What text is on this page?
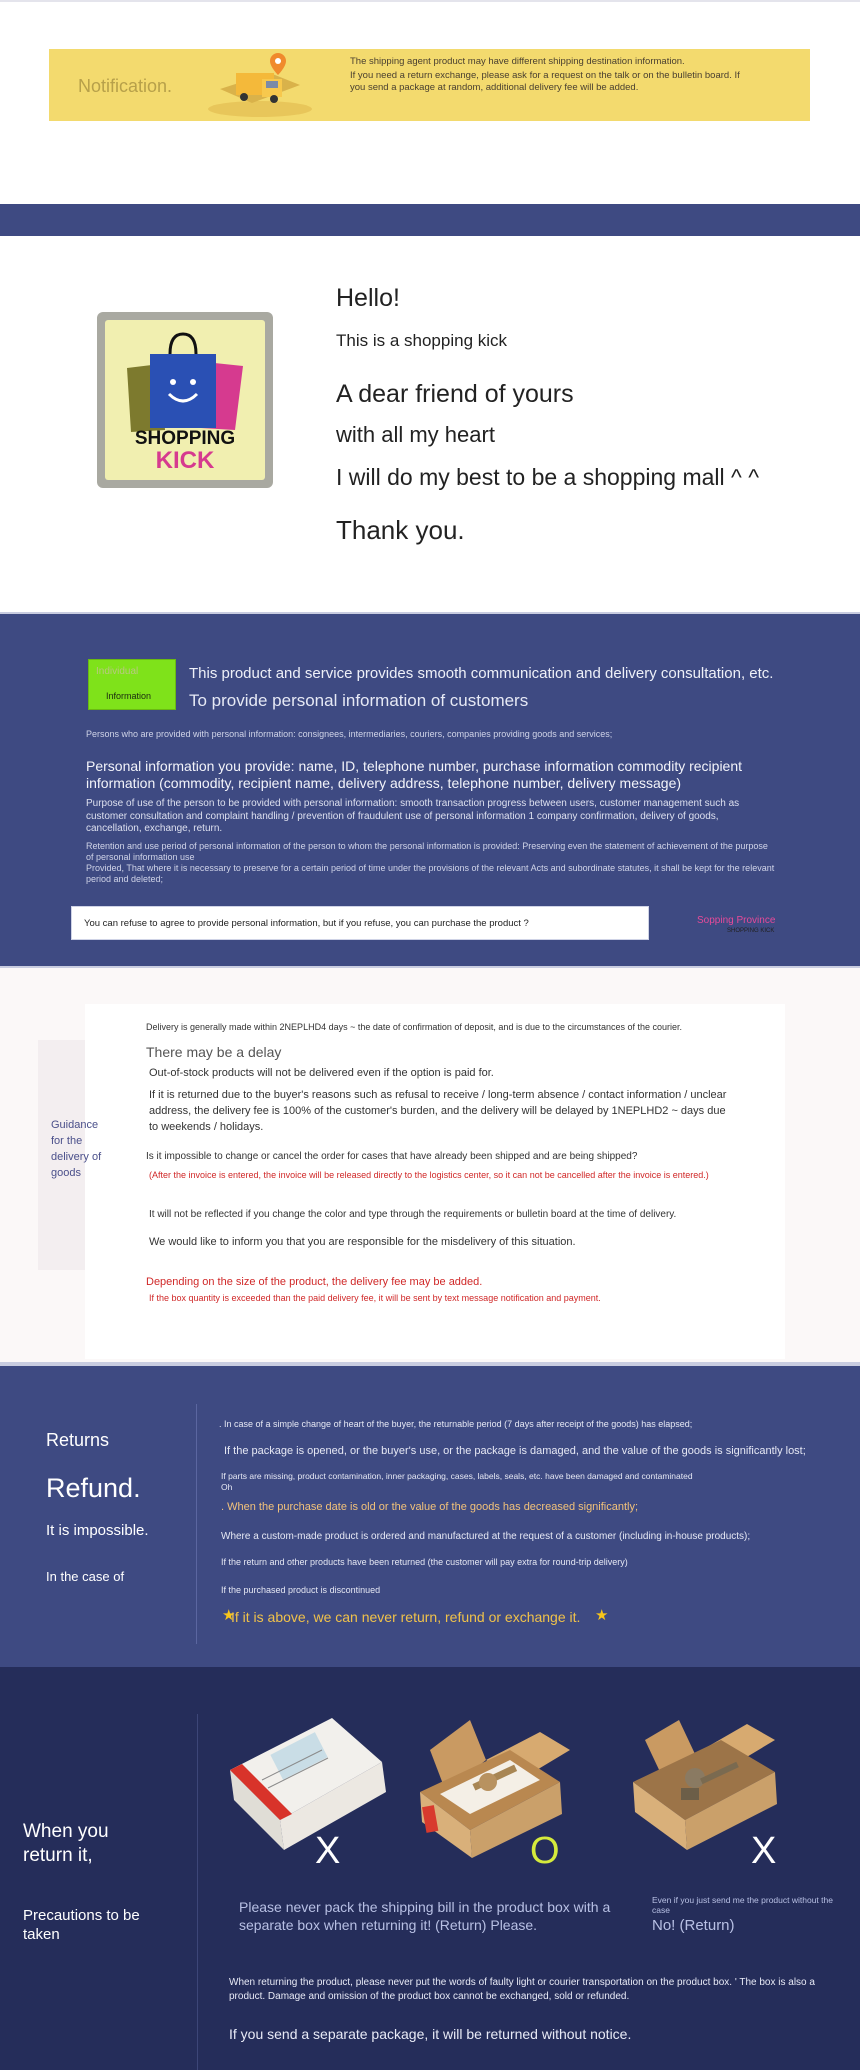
Notification.

The shipping agent product may have different shipping destination information.

If you need a return exchange, please ask for a request on the talk or on the bulletin board. If you send a package at random, additional delivery fee will be added.

SHOPPING
KICK
Hello!
This is a shopping kick
A dear friend of yours
with all my heart
I will do my best to be a shopping mall ^ ^
Thank you.
Individual
Information
This product and service provides smooth communication and delivery consultation, etc.
To provide personal information of customers
Persons who are provided with personal information: consignees, intermediaries, couriers, companies providing goods and services;
Personal information you provide: name, ID, telephone number, purchase information commodity recipient information (commodity, recipient name, delivery address, telephone number, delivery message)
Purpose of use of the person to be provided with personal information: smooth transaction progress between users, customer management such as customer consultation and complaint handling / prevention of fraudulent use of personal information 1 company confirmation, delivery of goods, cancellation, exchange, return.
Retention and use period of personal information of the person to whom the personal information is provided: Preserving even the statement of achievement of the purpose of personal information use
Provided, That where it is necessary to preserve for a certain period of time under the provisions of the relevant Acts and subordinate statutes, it shall be kept for the relevant period and deleted;
You can refuse to agree to provide personal information, but if you refuse, you can purchase the product ?	Sopping Province
SHOPPING KICK
Guidance for the delivery of goods
Delivery is generally made within 2NEPLHD4 days ~ the date of confirmation of deposit, and is due to the circumstances of the courier.
There may be a delay
Out-of-stock products will not be delivered even if the option is paid for.
If it is returned due to the buyer's reasons such as refusal to receive / long-term absence / contact information / unclear address, the delivery fee is 100% of the customer's burden, and the delivery will be delayed by 1NEPLHD2 ~ days due to weekends / holidays.
Is it impossible to change or cancel the order for cases that have already been shipped and are being shipped?
(After the invoice is entered, the invoice will be released directly to the logistics center, so it can not be cancelled after the invoice is entered.)
It will not be reflected if you change the color and type through the requirements or bulletin board at the time of delivery.
We would like to inform you that you are responsible for the misdelivery of this situation.
Depending on the size of the product, the delivery fee may be added.
If the box quantity is exceeded than the paid delivery fee, it will be sent by text message notification and payment.
Returns
Refund.
It is impossible.
In the case of
. In case of a simple change of heart of the buyer, the returnable period (7 days after receipt of the goods) has elapsed;
If the package is opened, or the buyer's use, or the package is damaged, and the value of the goods is significantly lost;
If parts are missing, product contamination, inner packaging, cases, labels, seals, etc. have been damaged and contaminated Oh
. When the purchase date is old or the value of the goods has decreased significantly;
Where a custom-made product is ordered and manufactured at the request of a customer (including in-house products);
If the return and other products have been returned (the customer will pay extra for round-trip delivery)
If the purchased product is discontinued
★
If it is above, we can never return, refund or exchange it. ★
When you return it,
Precautions to be taken
X	O	X
Please never pack the shipping bill in the product box with a separate box when returning it! (Return) Please.
Even if you just send me the product without the case
No! (Return)
When returning the product, please never put the words of faulty light or courier transportation on the product box. ' The box is also a product. Damage and omission of the product box cannot be exchanged, sold or refunded.
If you send a separate package, it will be returned without notice.
